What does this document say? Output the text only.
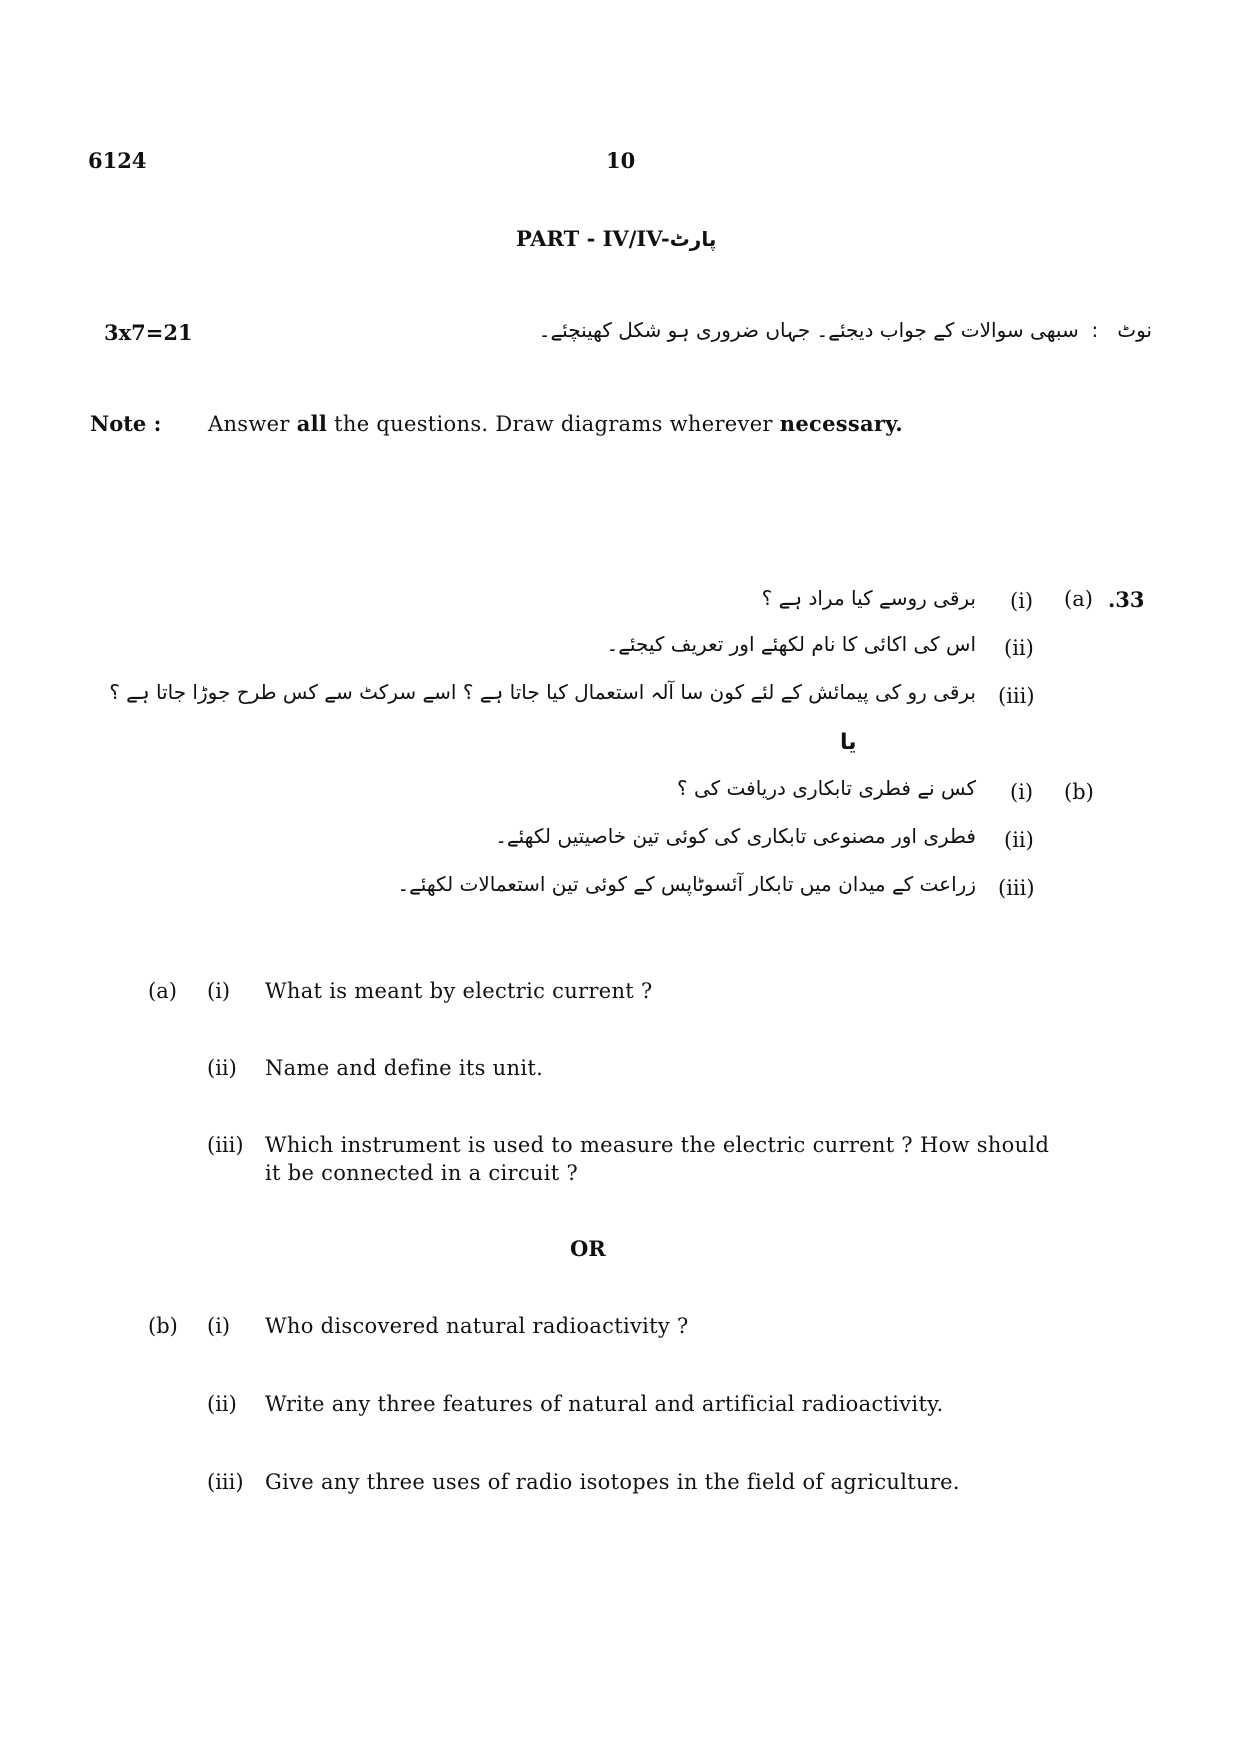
6124	10
PART - IV/IV-پارٹ
3x7=21	نوٹ   :  سبھی سوالات کے جواب دیجئے۔ جہاں ضروری ہو شکل کھینچئے۔
Note : Answer all the questions. Draw diagrams wherever necessary.
.33
(a)
(i)
برقی روسے کیا مراد ہے ؟
(ii)
اس کی اکائی کا نام لکھئے اور تعریف کیجئے۔
(iii)
برقی رو کی پیمائش کے لئے کون سا آلہ استعمال کیا جاتا ہے ؟ اسے سرکٹ سے کس طرح جوڑا جاتا ہے ؟
یا
(b)
(i)
کس نے فطری تابکاری دریافت کی ؟
(ii)
فطری اور مصنوعی تابکاری کی کوئی تین خاصیتیں لکھئے۔
(iii)
زراعت کے میدان میں تابکار آئسوٹاپس کے کوئی تین استعمالات لکھئے۔
(a) (i) What is meant by electric current ?
(ii) Name and define its unit.
(iii) Which instrument is used to measure the electric current ? How should
it be connected in a circuit ?
OR
(b) (i) Who discovered natural radioactivity ?
(ii) Write any three features of natural and artificial radioactivity.
(iii) Give any three uses of radio isotopes in the field of agriculture.
